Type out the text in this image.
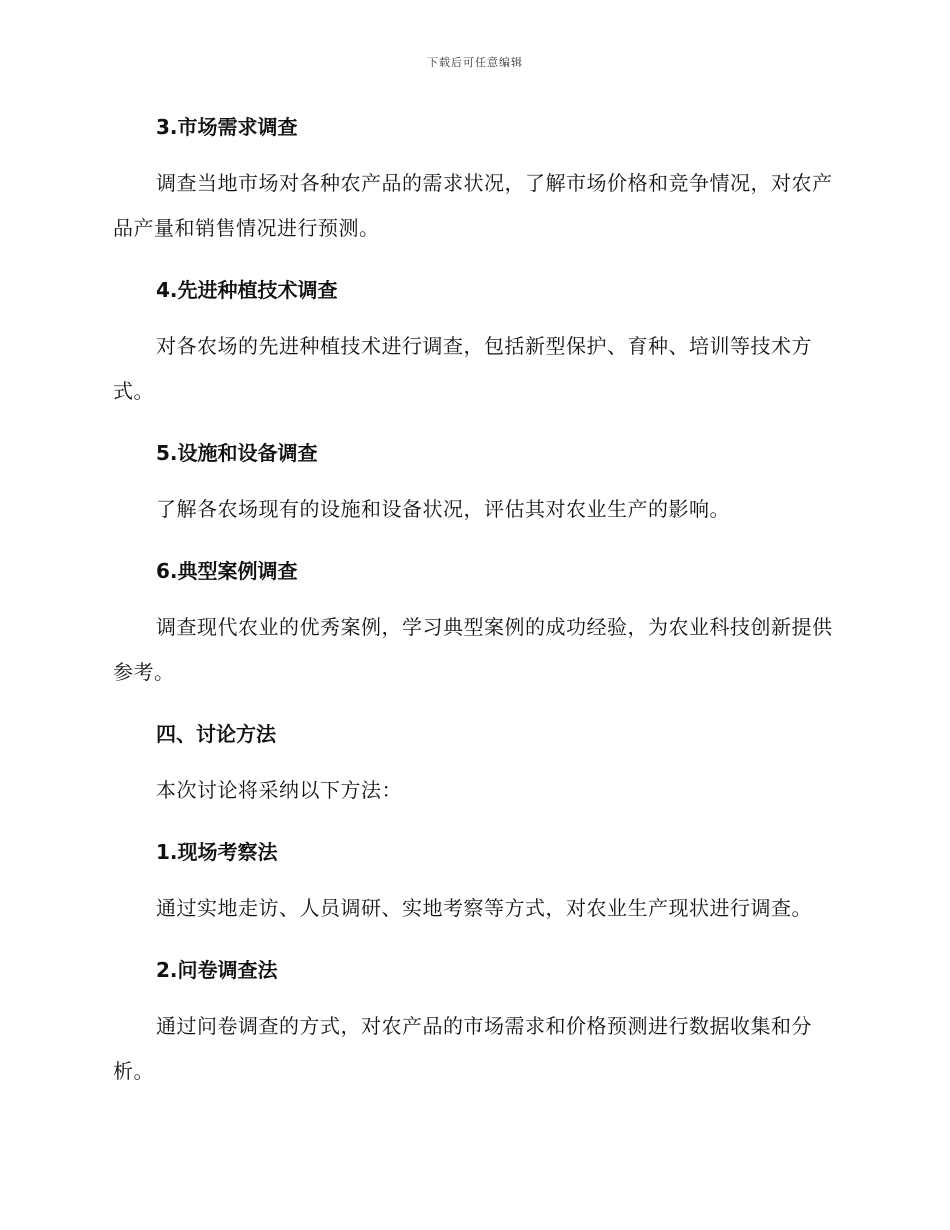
下载后可任意编辑

3.市场需求调查

调查当地市场对各种农产品的需求状况，了解市场价格和竞争情况，对农产品产量和销售情况进行预测。

4.先进种植技术调查

对各农场的先进种植技术进行调查，包括新型保护、育种、培训等技术方式。

5.设施和设备调查

了解各农场现有的设施和设备状况，评估其对农业生产的影响。

6.典型案例调查

调查现代农业的优秀案例，学习典型案例的成功经验，为农业科技创新提供参考。

四、讨论方法

本次讨论将采纳以下方法：

1.现场考察法

通过实地走访、人员调研、实地考察等方式，对农业生产现状进行调查。

2.问卷调查法

通过问卷调查的方式，对农产品的市场需求和价格预测进行数据收集和分析。
